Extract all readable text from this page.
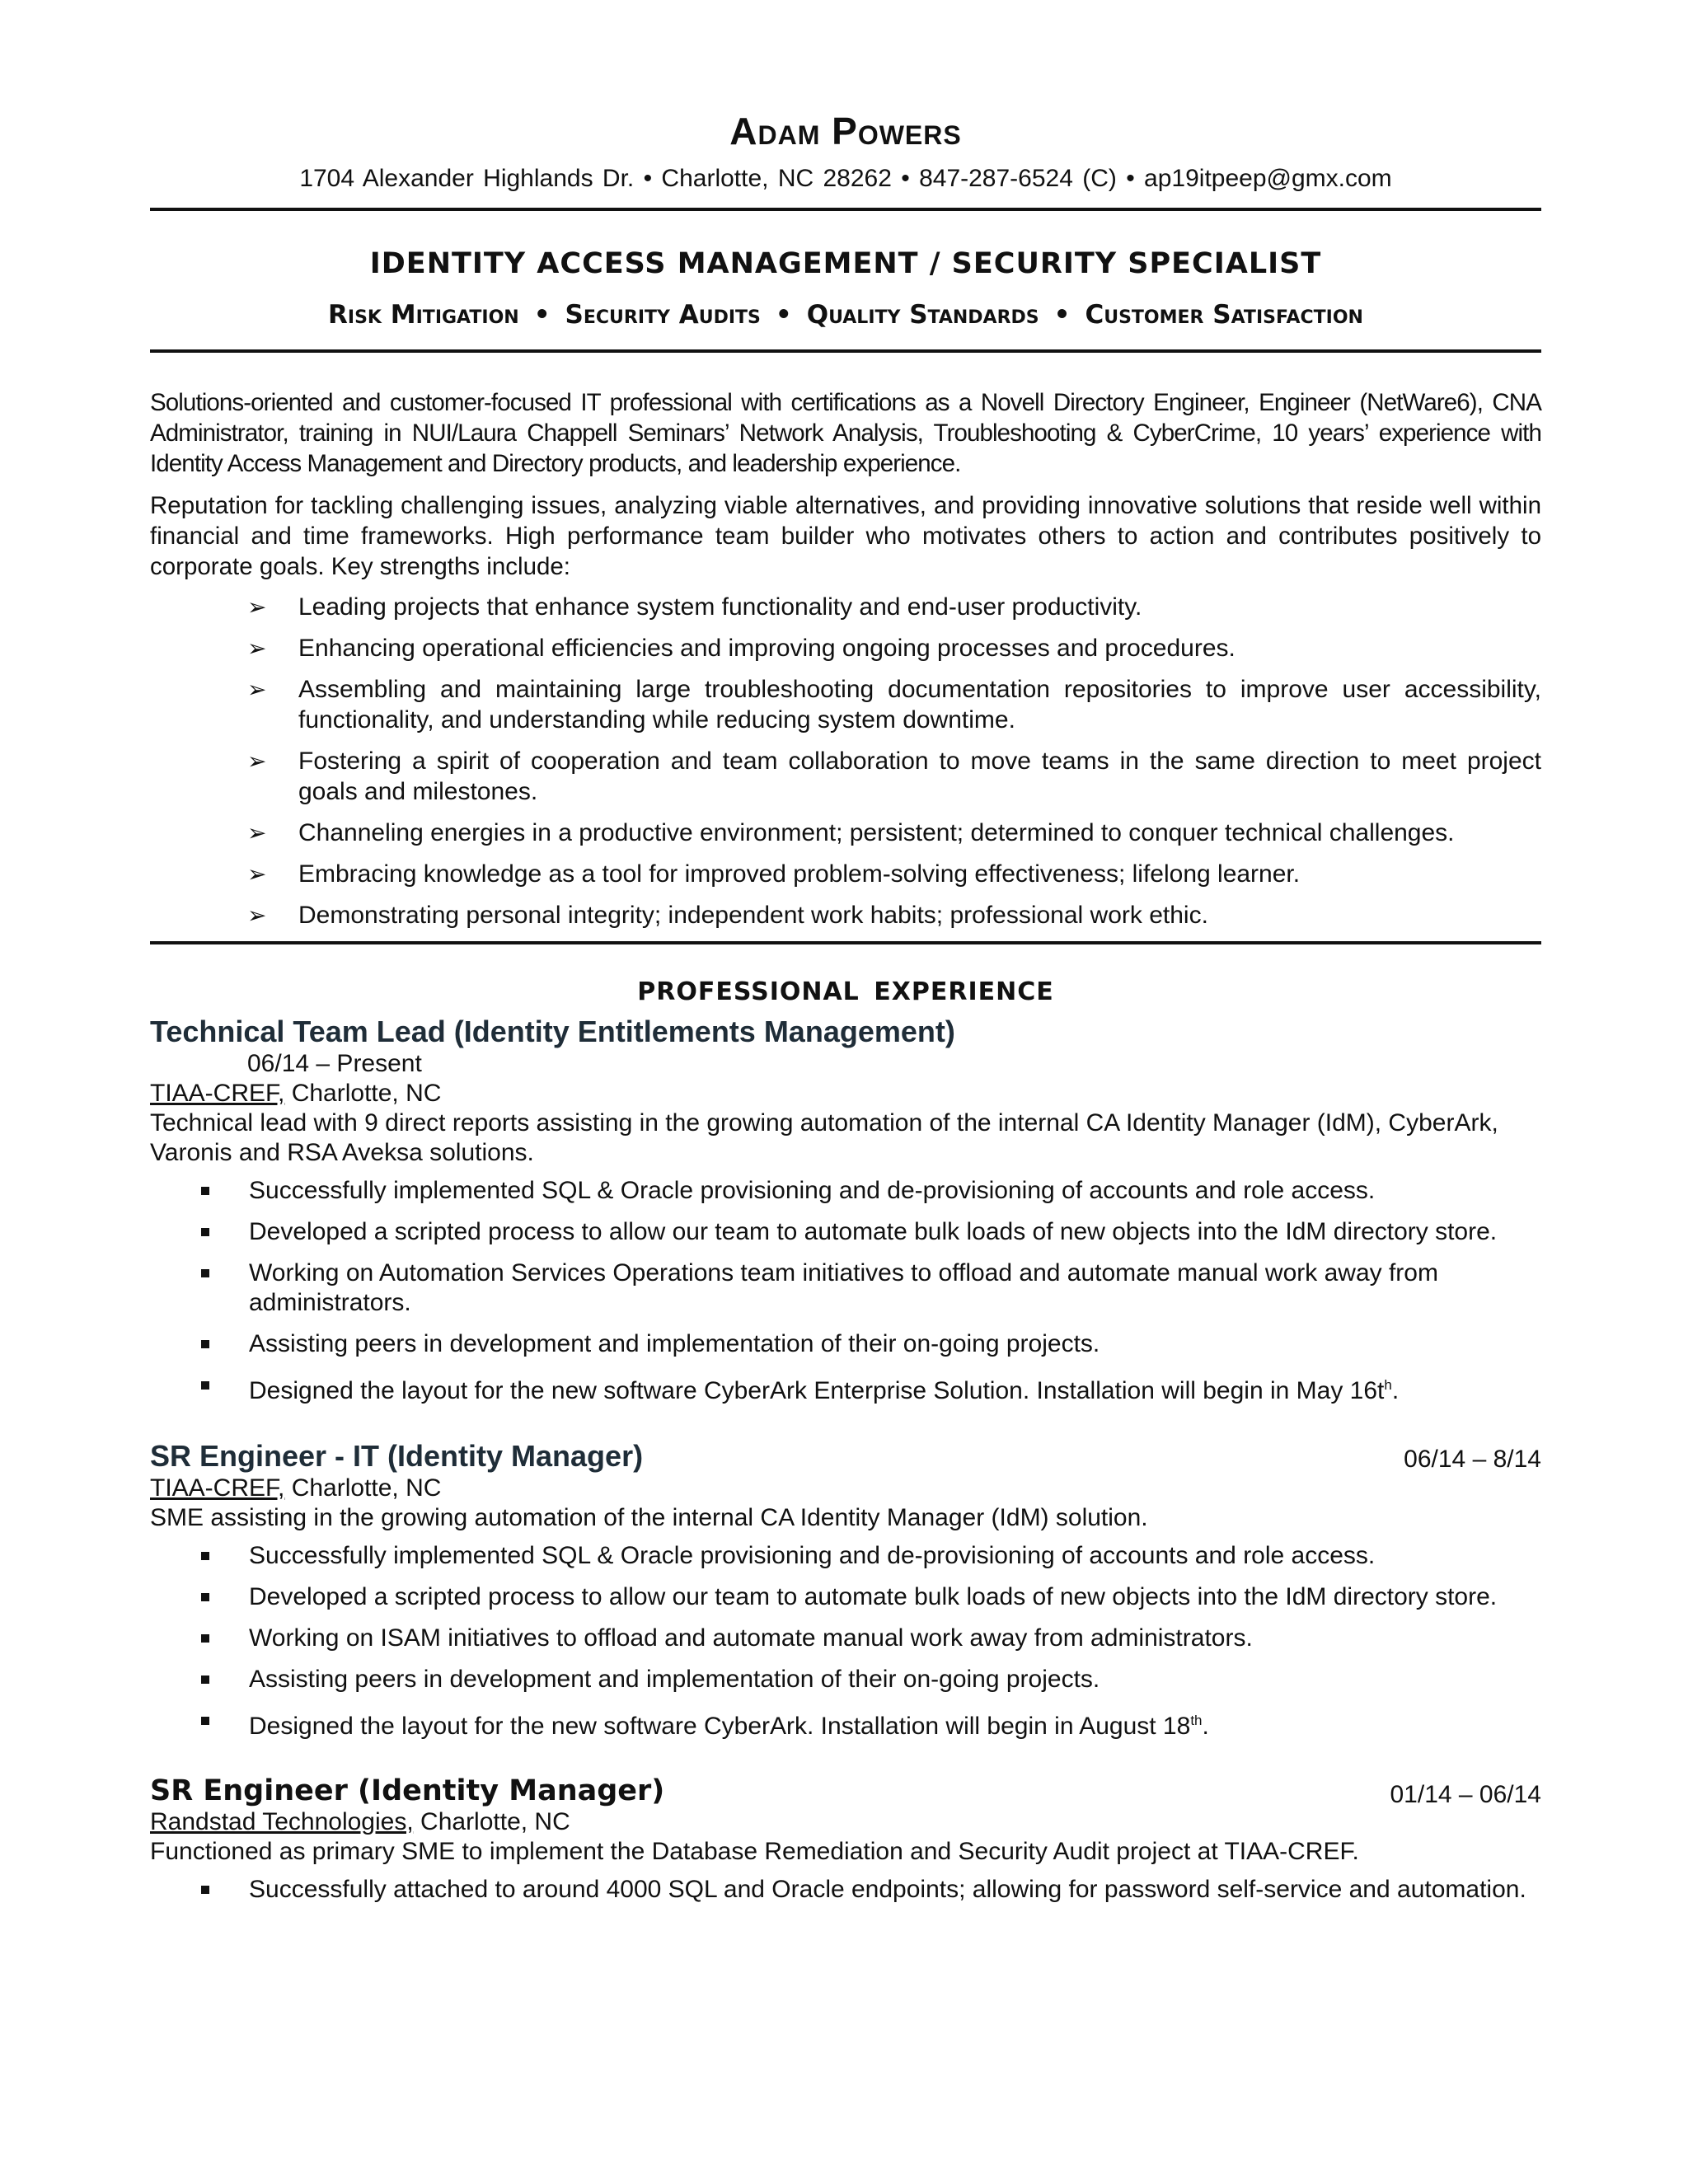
Adam Powers
1704 Alexander Highlands Dr. • Charlotte, NC 28262 • 847-287-6524 (C) • ap19itpeep@gmx.com
IDENTITY ACCESS MANAGEMENT / SECURITY SPECIALIST
Risk Mitigation • Security Audits • Quality Standards • Customer Satisfaction

Solutions-oriented and customer-focused IT professional with certifications as a Novell Directory Engineer, Engineer (NetWare6), CNA Administrator, training in NUI/Laura Chappell Seminars’ Network Analysis, Troubleshooting & CyberCrime, 10 years’ experience with Identity Access Management and Directory products, and leadership experience.

Reputation for tackling challenging issues, analyzing viable alternatives, and providing innovative solutions that reside well within financial and time frameworks. High performance team builder who motivates others to action and contributes positively to corporate goals. Key strengths include:

➢ Leading projects that enhance system functionality and end-user productivity.
➢ Enhancing operational efficiencies and improving ongoing processes and procedures.
➢ Assembling and maintaining large troubleshooting documentation repositories to improve user accessibility, functionality, and understanding while reducing system downtime.
➢ Fostering a spirit of cooperation and team collaboration to move teams in the same direction to meet project goals and milestones.
➢ Channeling energies in a productive environment; persistent; determined to conquer technical challenges.
➢ Embracing knowledge as a tool for improved problem-solving effectiveness; lifelong learner.
➢ Demonstrating personal integrity; independent work habits; professional work ethic.
PROFESSIONAL EXPERIENCE
Technical Team Lead (Identity Entitlements Management)
06/14 – Present
TIAA-CREF, Charlotte, NC
Technical lead with 9 direct reports assisting in the growing automation of the internal CA Identity Manager (IdM), CyberArk, Varonis and RSA Aveksa solutions.
Successfully implemented SQL & Oracle provisioning and de-provisioning of accounts and role access.
Developed a scripted process to allow our team to automate bulk loads of new objects into the IdM directory store.
Working on Automation Services Operations team initiatives to offload and automate manual work away from administrators.
Assisting peers in development and implementation of their on-going projects.
Designed the layout for the new software CyberArk Enterprise Solution. Installation will begin in May $16t^h$.
SR Engineer - IT (Identity Manager)	06/14 – 8/14
TIAA-CREF, Charlotte, NC
SME assisting in the growing automation of the internal CA Identity Manager (IdM) solution.
Successfully implemented SQL & Oracle provisioning and de-provisioning of accounts and role access.
Developed a scripted process to allow our team to automate bulk loads of new objects into the IdM directory store.
Working on ISAM initiatives to offload and automate manual work away from administrators.
Assisting peers in development and implementation of their on-going projects.
Designed the layout for the new software CyberArk. Installation will begin in August 18th.
SR Engineer (Identity Manager)	01/14 – 06/14
Randstad Technologies, Charlotte, NC
Functioned as primary SME to implement the Database Remediation and Security Audit project at TIAA-CREF.
Successfully attached to around 4000 SQL and Oracle endpoints; allowing for password self-service and automation.
